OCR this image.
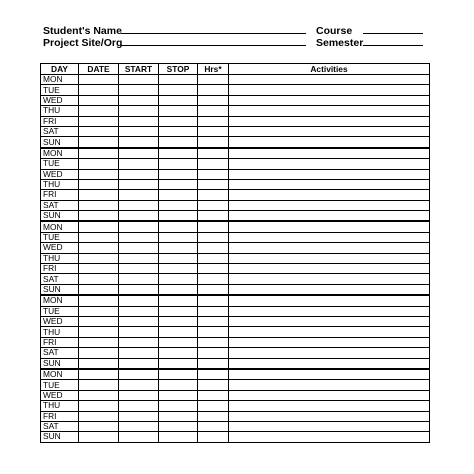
Student's Name
Project Site/Org
Course
Semester
DAY	DATE	START	STOP	Hrs*	Activities
MON					
TUE					
WED					
THU					
FRI					
SAT					
SUN					
MON					
TUE					
WED					
THU					
FRI					
SAT					
SUN					
MON					
TUE					
WED					
THU					
FRI					
SAT					
SUN					
MON					
TUE					
WED					
THU					
FRI					
SAT					
SUN					
MON					
TUE					
WED					
THU					
FRI					
SAT					
SUN					
